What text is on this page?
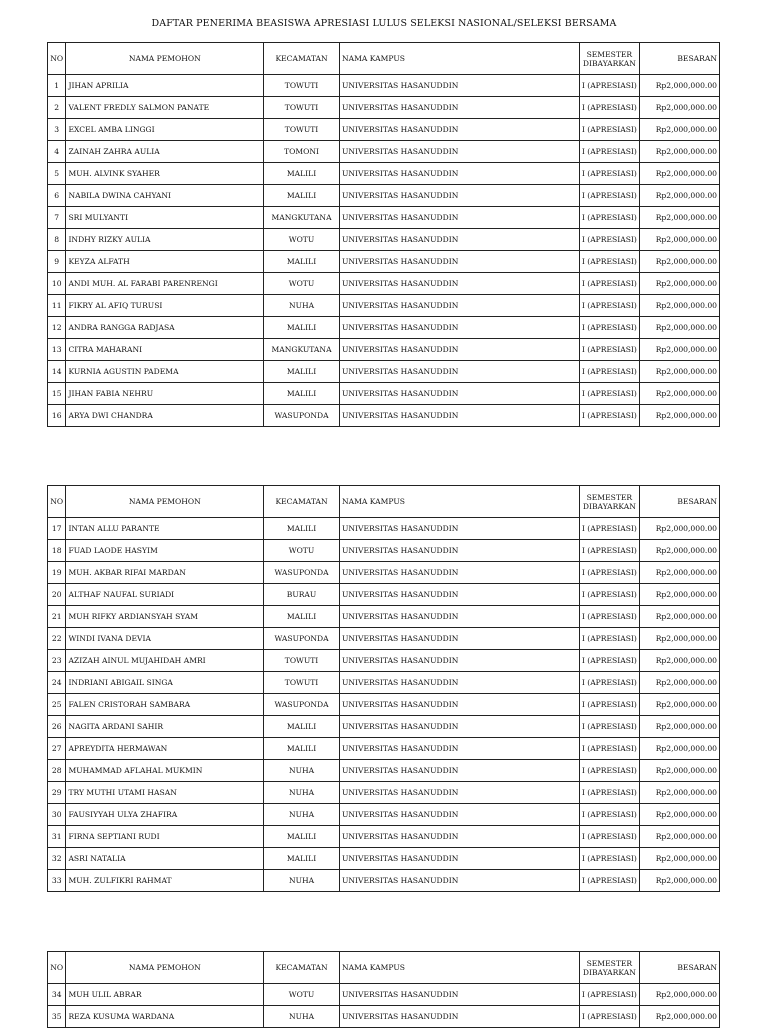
DAFTAR PENERIMA BEASISWA APRESIASI LULUS SELEKSI NASIONAL/SELEKSI BERSAMA
NO	NAMA PEMOHON	KECAMATAN	NAMA KAMPUS	SEMESTER
DIBAYARKAN	BESARAN
1	JIHAN APRILIA	TOWUTI	UNIVERSITAS HASANUDDIN	I (APRESIASI)	Rp2,000,000.00
2	VALENT FREDLY SALMON PANATE	TOWUTI	UNIVERSITAS HASANUDDIN	I (APRESIASI)	Rp2,000,000.00
3	EXCEL AMBA LINGGI	TOWUTI	UNIVERSITAS HASANUDDIN	I (APRESIASI)	Rp2,000,000.00
4	ZAINAH ZAHRA AULIA	TOMONI	UNIVERSITAS HASANUDDIN	I (APRESIASI)	Rp2,000,000.00
5	MUH. ALVINK SYAHER	MALILI	UNIVERSITAS HASANUDDIN	I (APRESIASI)	Rp2,000,000.00
6	NABILA DWINA CAHYANI	MALILI	UNIVERSITAS HASANUDDIN	I (APRESIASI)	Rp2,000,000.00
7	SRI MULYANTI	MANGKUTANA	UNIVERSITAS HASANUDDIN	I (APRESIASI)	Rp2,000,000.00
8	INDHY RIZKY AULIA	WOTU	UNIVERSITAS HASANUDDIN	I (APRESIASI)	Rp2,000,000.00
9	KEYZA ALFATH	MALILI	UNIVERSITAS HASANUDDIN	I (APRESIASI)	Rp2,000,000.00
10	ANDI MUH. AL FARABI PARENRENGI	WOTU	UNIVERSITAS HASANUDDIN	I (APRESIASI)	Rp2,000,000.00
11	FIKRY AL AFIQ TURUSI	NUHA	UNIVERSITAS HASANUDDIN	I (APRESIASI)	Rp2,000,000.00
12	ANDRA RANGGA RADJASA	MALILI	UNIVERSITAS HASANUDDIN	I (APRESIASI)	Rp2,000,000.00
13	CITRA MAHARANI	MANGKUTANA	UNIVERSITAS HASANUDDIN	I (APRESIASI)	Rp2,000,000.00
14	KURNIA AGUSTIN PADEMA	MALILI	UNIVERSITAS HASANUDDIN	I (APRESIASI)	Rp2,000,000.00
15	JIHAN FABIA NEHRU	MALILI	UNIVERSITAS HASANUDDIN	I (APRESIASI)	Rp2,000,000.00
16	ARYA DWI CHANDRA	WASUPONDA	UNIVERSITAS HASANUDDIN	I (APRESIASI)	Rp2,000,000.00
NO	NAMA PEMOHON	KECAMATAN	NAMA KAMPUS	SEMESTER
DIBAYARKAN	BESARAN
17	INTAN ALLU PARANTE	MALILI	UNIVERSITAS HASANUDDIN	I (APRESIASI)	Rp2,000,000.00
18	FUAD LAODE HASYIM	WOTU	UNIVERSITAS HASANUDDIN	I (APRESIASI)	Rp2,000,000.00
19	MUH. AKBAR RIFAI MARDAN	WASUPONDA	UNIVERSITAS HASANUDDIN	I (APRESIASI)	Rp2,000,000.00
20	ALTHAF NAUFAL SURIADI	BURAU	UNIVERSITAS HASANUDDIN	I (APRESIASI)	Rp2,000,000.00
21	MUH RIFKY ARDIANSYAH SYAM	MALILI	UNIVERSITAS HASANUDDIN	I (APRESIASI)	Rp2,000,000.00
22	WINDI IVANA DEVIA	WASUPONDA	UNIVERSITAS HASANUDDIN	I (APRESIASI)	Rp2,000,000.00
23	AZIZAH AINUL MUJAHIDAH AMRI	TOWUTI	UNIVERSITAS HASANUDDIN	I (APRESIASI)	Rp2,000,000.00
24	INDRIANI ABIGAIL SINGA	TOWUTI	UNIVERSITAS HASANUDDIN	I (APRESIASI)	Rp2,000,000.00
25	FALEN CRISTORAH SAMBARA	WASUPONDA	UNIVERSITAS HASANUDDIN	I (APRESIASI)	Rp2,000,000.00
26	NAGITA ARDANI SAHIR	MALILI	UNIVERSITAS HASANUDDIN	I (APRESIASI)	Rp2,000,000.00
27	APREYDITA HERMAWAN	MALILI	UNIVERSITAS HASANUDDIN	I (APRESIASI)	Rp2,000,000.00
28	MUHAMMAD AFLAHAL MUKMIN	NUHA	UNIVERSITAS HASANUDDIN	I (APRESIASI)	Rp2,000,000.00
29	TRY MUTHI UTAMI HASAN	NUHA	UNIVERSITAS HASANUDDIN	I (APRESIASI)	Rp2,000,000.00
30	FAUSIYYAH ULYA ZHAFIRA	NUHA	UNIVERSITAS HASANUDDIN	I (APRESIASI)	Rp2,000,000.00
31	FIRNA SEPTIANI RUDI	MALILI	UNIVERSITAS HASANUDDIN	I (APRESIASI)	Rp2,000,000.00
32	ASRI NATALIA	MALILI	UNIVERSITAS HASANUDDIN	I (APRESIASI)	Rp2,000,000.00
33	MUH. ZULFIKRI RAHMAT	NUHA	UNIVERSITAS HASANUDDIN	I (APRESIASI)	Rp2,000,000.00
NO	NAMA PEMOHON	KECAMATAN	NAMA KAMPUS	SEMESTER
DIBAYARKAN	BESARAN
34	MUH ULIL ABRAR	WOTU	UNIVERSITAS HASANUDDIN	I (APRESIASI)	Rp2,000,000.00
35	REZA KUSUMA WARDANA	NUHA	UNIVERSITAS HASANUDDIN	I (APRESIASI)	Rp2,000,000.00
